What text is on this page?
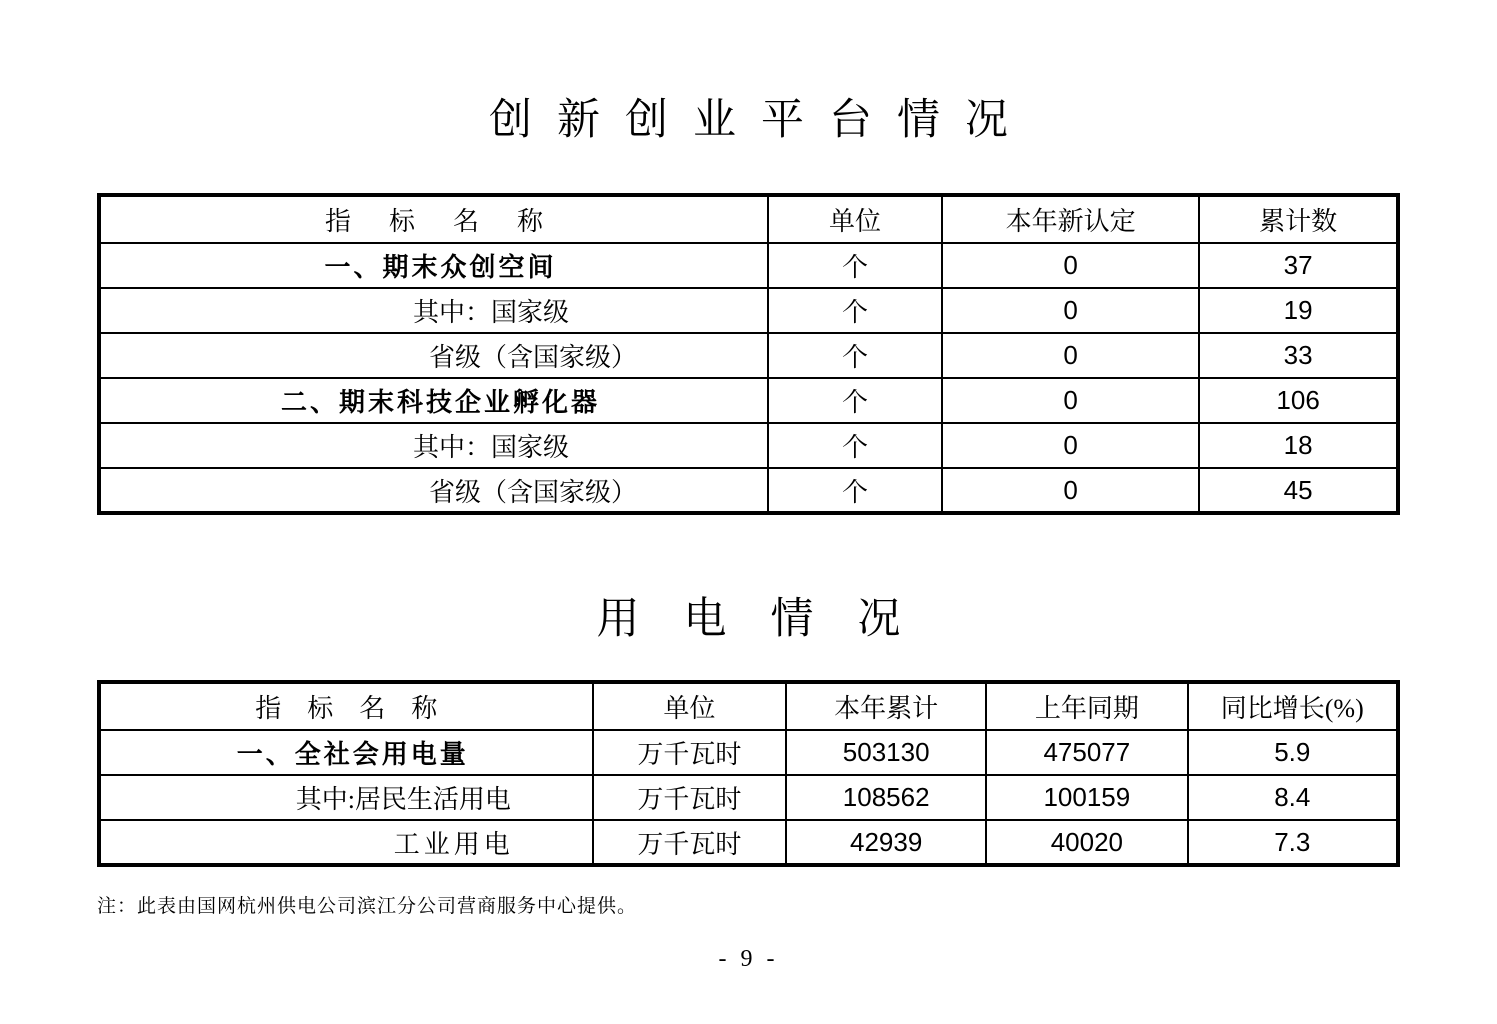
创新创业平台情况
指标名称	单位	本年新认定	累计数
一、期末众创空间	个	0	37
其中：国家级	个	0	19
省级（含国家级）	个	0	33
二、期末科技企业孵化器	个	0	106
其中：国家级	个	0	18
省级（含国家级）	个	0	45
用电情况
指标名称	单位	本年累计	上年同期	同比增长(%)
一、全社会用电量	万千瓦时	503130	475077	5.9
其中:居民生活用电	万千瓦时	108562	100159	8.4
工业用电	万千瓦时	42939	40020	7.3
注：此表由国网杭州供电公司滨江分公司营商服务中心提供。
- 9 -
